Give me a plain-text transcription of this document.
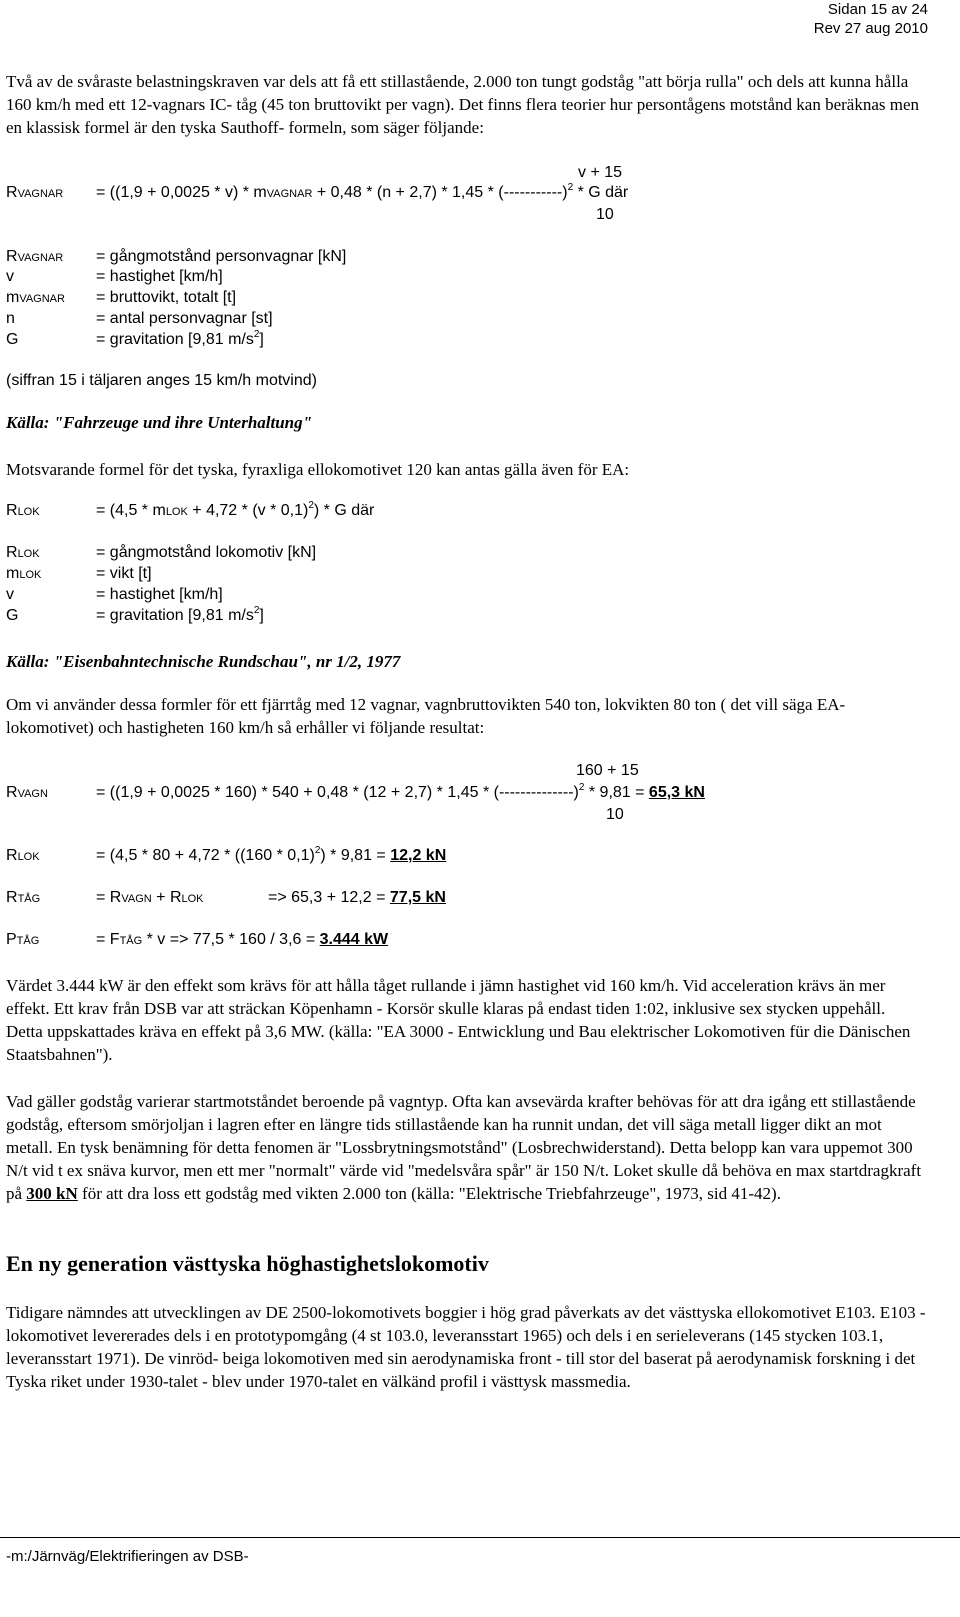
Sidan 15 av 24
Rev 27 aug 2010
Två av de svåraste belastningskraven var dels att få ett stillastående, 2.000 ton tungt godståg "att börja rulla" och dels att kunna hålla 160 km/h med ett 12-vagnars IC- tåg (45 ton bruttovikt per vagn). Det finns flera teorier hur persontågens motstånd kan beräknas men en klassisk formel är den tyska Sauthoff- formeln, som säger följande:
v + 15
RVAGNAR = ((1,9 + 0,0025 * v) * mVAGNAR + $0,48 * (n + 2,7) * 1,45 * (-----------)^2 * G$ där
10
RVAGNAR = gångmotstånd personvagnar [kN]
v	= hastighet [km/h]
mVAGNAR = bruttovikt, totalt [t]
n	= antal personvagnar [st]
G	= gravitation [9,81 $m/s^2$]
(siffran 15 i täljaren anges 15 km/h motvind)
Källa: "Fahrzeuge und ihre Unterhaltung"
Motsvarande formel för det tyska, fyraxliga ellokomotivet 120 kan antas gälla även för EA:
RLOK	= (4,5 * mLOK + 4,72 * (v * 0,1)$^2$) * G där
RLOK	= gångmotstånd lokomotiv [kN]
mLOK	= vikt [t]
v	= hastighet [km/h]
G	= gravitation [9,81 $m/s^2$]
Källa: "Eisenbahntechnische Rundschau", nr 1/2, 1977
Om vi använder dessa formler för ett fjärrtåg med 12 vagnar, vagnbruttovikten 540 ton, lokvikten 80 ton ( det vill säga EA-lokomotivet) och hastigheten 160 km/h så erhåller vi följande resultat:
160 + 15
RVAGN	= ($(1,9 + 0,0025 * 160) * 540 + 0,48 * (12 + 2,7) * 1,45 * (--------------)^2 * 9,81 = 65,3$ kN
10
RLOK	= (4,5 * 80 + 4,72 * ((160 * 0,1)$^2$) * 9,81 = 12,2 kN
RTÅG	= RVAGN + RLOK	=> 65,3 + 12,2 = 77,5 kN
PTÅG	= FTÅG * v => 77,5 * 160 / 3,6 = 3.444 kW
Värdet 3.444 kW är den effekt som krävs för att hålla tåget rullande i jämn hastighet vid 160 km/h. Vid acceleration krävs än mer effekt. Ett krav från DSB var att sträckan Köpenhamn - Korsör skulle klaras på endast tiden 1:02, inklusive sex stycken uppehåll. Detta uppskattades kräva en effekt på 3,6 MW. (källa: "EA 3000 - Entwicklung und Bau elektrischer Lokomotiven für die Dänischen Staatsbahnen").
Vad gäller godståg varierar startmotståndet beroende på vagntyp. Ofta kan avsevärda krafter behövas för att dra igång ett stillastående godståg, eftersom smörjoljan i lagren efter en längre tids stillastående kan ha runnit undan, det vill säga metall ligger dikt an mot metall. En tysk benämning för detta fenomen är "Lossbrytningsmotstånd" (Losbrechwiderstand). Detta belopp kan vara uppemot 300 N/t vid t ex snäva kurvor, men ett mer "normalt" värde vid "medelsvåra spår" är 150 N/t. Loket skulle då behöva en max startdragkraft på 300 kN för att dra loss ett godståg med vikten 2.000 ton (källa: "Elektrische Triebfahrzeuge", 1973, sid 41-42).
En ny generation västtyska höghastighetslokomotiv
Tidigare nämndes att utvecklingen av DE 2500-lokomotivets boggier i hög grad påverkats av det västtyska ellokomotivet E103. E103 -lokomotivet levererades dels i en prototypomgång (4 st 103.0, leveransstart 1965) och dels i en serieleverans (145 stycken 103.1, leveransstart 1971). De vinröd- beiga lokomotiven med sin aerodynamiska front - till stor del baserat på aerodynamisk forskning i det Tyska riket under 1930-talet - blev under 1970-talet en välkänd profil i västtysk massmedia.
-m:/Järnväg/Elektrifieringen av DSB-
